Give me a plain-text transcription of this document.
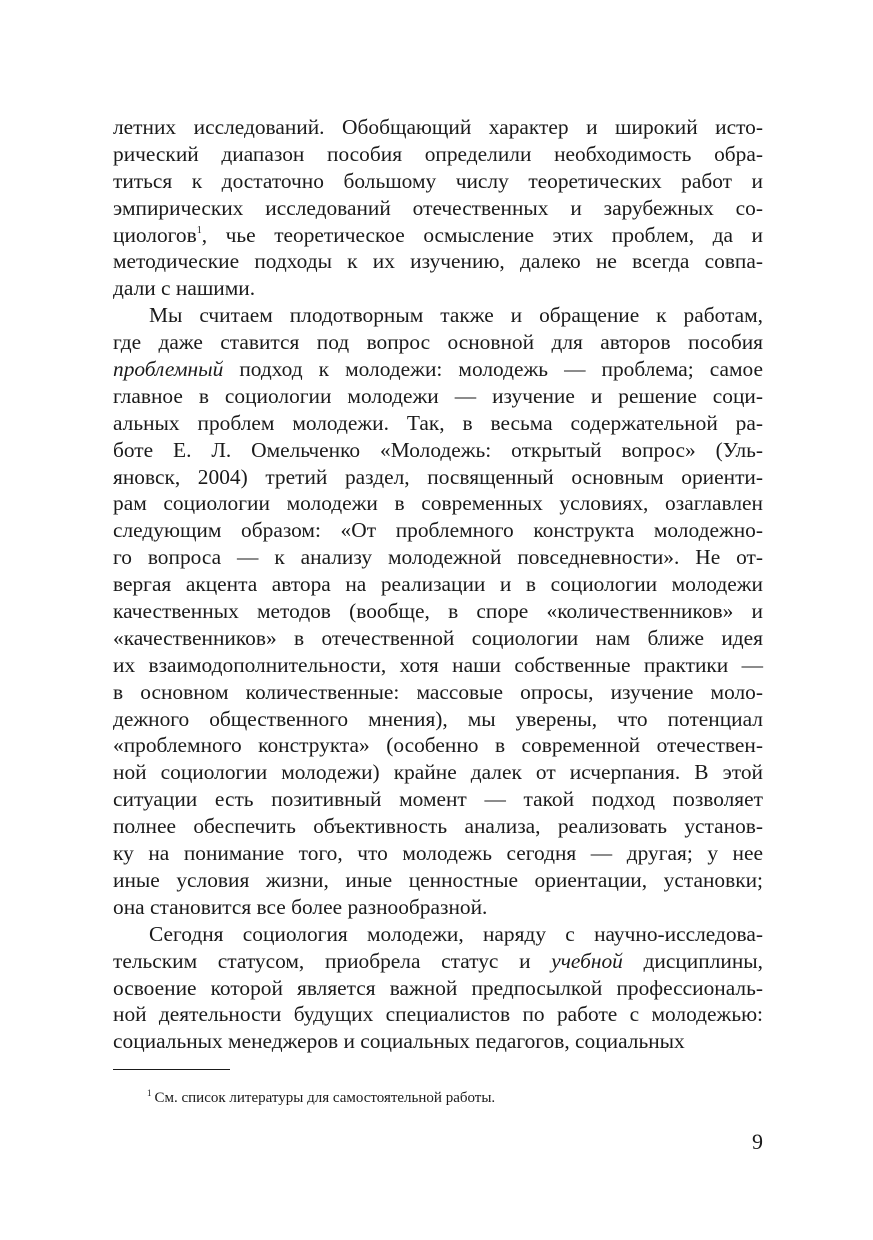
летних исследований. Обобщающий характер и широкий исто-
рический диапазон пособия определили необходимость обра-
титься к достаточно большому числу теоретических работ и
эмпирических исследований отечественных и зарубежных со-
циологов$^1$, чье теоретическое осмысление этих проблем, да и
методические подходы к их изучению, далеко не всегда совпа-
дали с нашими.
Мы считаем плодотворным также и обращение к работам,
где даже ставится под вопрос основной для авторов пособия
проблемный подход к молодежи: молодежь — проблема; самое
главное в социологии молодежи — изучение и решение соци-
альных проблем молодежи. Так, в весьма содержательной ра-
боте Е. Л. Омельченко «Молодежь: открытый вопрос» (Уль-
яновск, 2004) третий раздел, посвященный основным ориенти-
рам социологии молодежи в современных условиях, озаглавлен
следующим образом: «От проблемного конструкта молодежно-
го вопроса — к анализу молодежной повседневности». Не от-
вергая акцента автора на реализации и в социологии молодежи
качественных методов (вообще, в споре «количественников» и
«качественников» в отечественной социологии нам ближе идея
их взаимодополнительности, хотя наши собственные практики —
в основном количественные: массовые опросы, изучение моло-
дежного общественного мнения), мы уверены, что потенциал
«проблемного конструкта» (особенно в современной отечествен-
ной социологии молодежи) крайне далек от исчерпания. В этой
ситуации есть позитивный момент — такой подход позволяет
полнее обеспечить объективность анализа, реализовать установ-
ку на понимание того, что молодежь сегодня — другая; у нее
иные условия жизни, иные ценностные ориентации, установки;
она становится все более разнообразной.
Сегодня социология молодежи, наряду с научно-исследова-
тельским статусом, приобрела статус и учебной дисциплины,
освоение которой является важной предпосылкой профессиональ-
ной деятельности будущих специалистов по работе с молодежью:
социальных менеджеров и социальных педагогов, социальных
$^1$ См. список литературы для самостоятельной работы.
9
